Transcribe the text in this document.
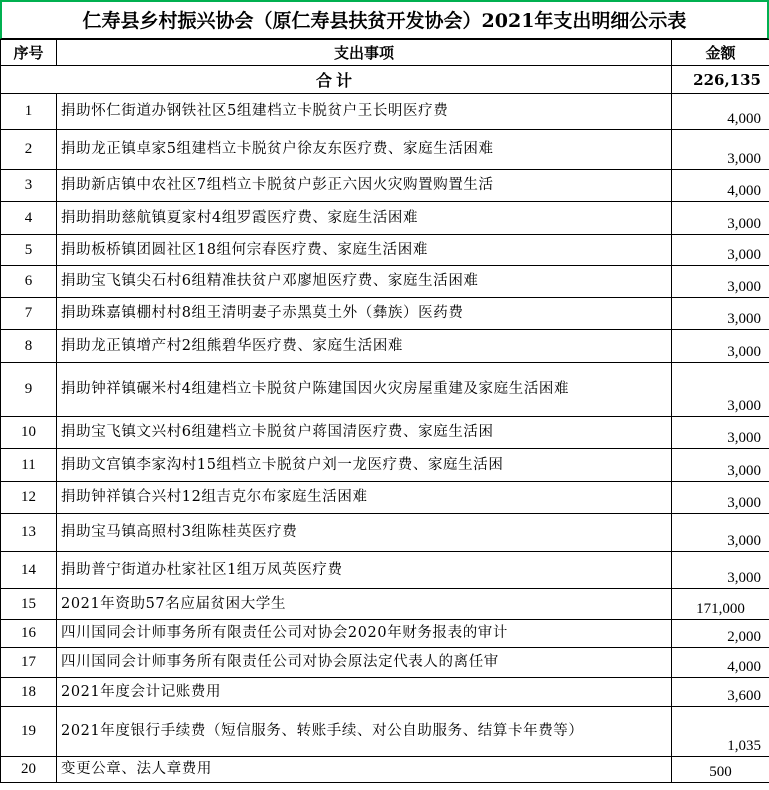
仁寿县乡村振兴协会（原仁寿县扶贫开发协会）2021年支出明细公示表
序号	支出事项	金额
合计		226,135
1	捐助怀仁街道办钢铁社区5组建档立卡脱贫户王长明医疗费	4,000
2	捐助龙正镇卓家5组建档立卡脱贫户徐友东医疗费、家庭生活困难	3,000
3	捐助新店镇中农社区7组档立卡脱贫户彭正六因火灾购置购置生活	4,000
4	捐助捐助慈航镇夏家村4组罗霞医疗费、家庭生活困难	3,000
5	捐助板桥镇团圆社区18组何宗春医疗费、家庭生活困难	3,000
6	捐助宝飞镇尖石村6组精准扶贫户邓廖旭医疗费、家庭生活困难	3,000
7	捐助珠嘉镇棚村村8组王清明妻子赤黑莫土外（彝族）医药费	3,000
8	捐助龙正镇增产村2组熊碧华医疗费、家庭生活困难	3,000
9	捐助钟祥镇碾米村4组建档立卡脱贫户陈建国因火灾房屋重建及家庭生活困难	3,000
10	捐助宝飞镇文兴村6组建档立卡脱贫户蒋国清医疗费、家庭生活困	3,000
11	捐助文宫镇李家沟村15组档立卡脱贫户刘一龙医疗费、家庭生活困	3,000
12	捐助钟祥镇合兴村12组吉克尔布家庭生活困难	3,000
13	捐助宝马镇高照村3组陈桂英医疗费	3,000
14	捐助普宁街道办杜家社区1组万凤英医疗费	3,000
15	2021年资助57名应届贫困大学生	171,000
16	四川国同会计师事务所有限责任公司对协会2020年财务报表的审计	2,000
17	四川国同会计师事务所有限责任公司对协会原法定代表人的离任审	4,000
18	2021年度会计记账费用	3,600
19	2021年度银行手续费（短信服务、转账手续、对公自助服务、结算卡年费等）	1,035
20	变更公章、法人章费用	500
